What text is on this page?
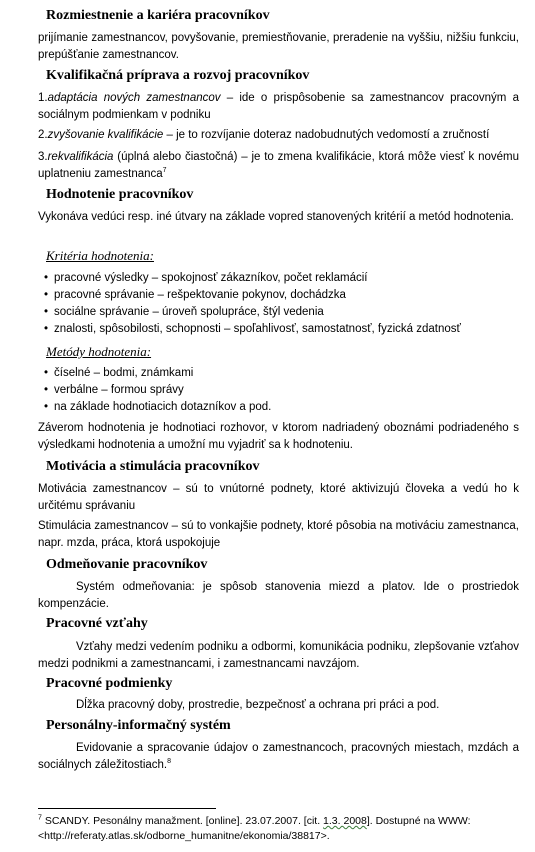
Rozmiestnenie a kariéra pracovníkov
prijímanie zamestnancov, povyšovanie, premiestňovanie, preradenie na vyššiu, nižšiu funkciu, prepúšťanie zamestnancov.
Kvalifikačná príprava a rozvoj pracovníkov
1.adaptácia nových zamestnancov – ide o prispôsobenie sa zamestnancov pracovným a sociálnym podmienkam v podniku
2.zvyšovanie kvalifikácie – je to rozvíjanie doteraz nadobudnutých vedomostí a zručností
3.rekvalifikácia (úplná alebo čiastočná) – je to zmena kvalifikácie, ktorá môže viesť k novému uplatneniu zamestnanca$^7$
Hodnotenie pracovníkov
Vykonáva vedúci resp. iné útvary na základe vopred stanovených kritérií a metód hodnotenia.
Kritéria hodnotenia:
• pracovné výsledky – spokojnosť zákazníkov, počet reklamácií
• pracovné správanie – rešpektovanie pokynov, dochádzka
• sociálne správanie – úroveň spolupráce, štýl vedenia
• znalosti, spôsobilosti, schopnosti – spoľahlivosť, samostatnosť, fyzická zdatnosť
Metódy hodnotenia:
• číselné – bodmi, známkami
• verbálne – formou správy
• na základe hodnotiacich dotazníkov a pod.
Záverom hodnotenia je hodnotiaci rozhovor, v ktorom nadriadený oboznámi podriadeného s výsledkami hodnotenia a umožní mu vyjadriť sa k hodnoteniu.
Motivácia a stimulácia pracovníkov
Motivácia zamestnancov – sú to vnútorné podnety, ktoré aktivizujú človeka a vedú ho k určitému správaniu
Stimulácia zamestnancov – sú to vonkajšie podnety, ktoré pôsobia na motiváciu zamestnanca, napr. mzda, práca, ktorá uspokojuje
Odmeňovanie pracovníkov
Systém odmeňovania: je spôsob stanovenia miezd a platov. Ide o prostriedok kompenzácie.
Pracovné vzťahy
Vzťahy medzi vedením podniku a odbormi, komunikácia podniku, zlepšovanie vzťahov medzi podnikmi a zamestnancami, i zamestnancami navzájom.
Pracovné podmienky
Dĺžka pracovný doby, prostredie, bezpečnosť a ochrana pri práci a pod.
Personálny-informačný systém
Evidovanie a spracovanie údajov o zamestnancoch, pracovných miestach, mzdách a sociálnych záležitostiach.$^8$
$^7$ SCANDY. Pesonálny manažment. [online]. 23.07.2007. [cit. 1.3. 2008]. Dostupné na WWW: <http://referaty.atlas.sk/odborne_humanitne/ekonomia/38817>.
